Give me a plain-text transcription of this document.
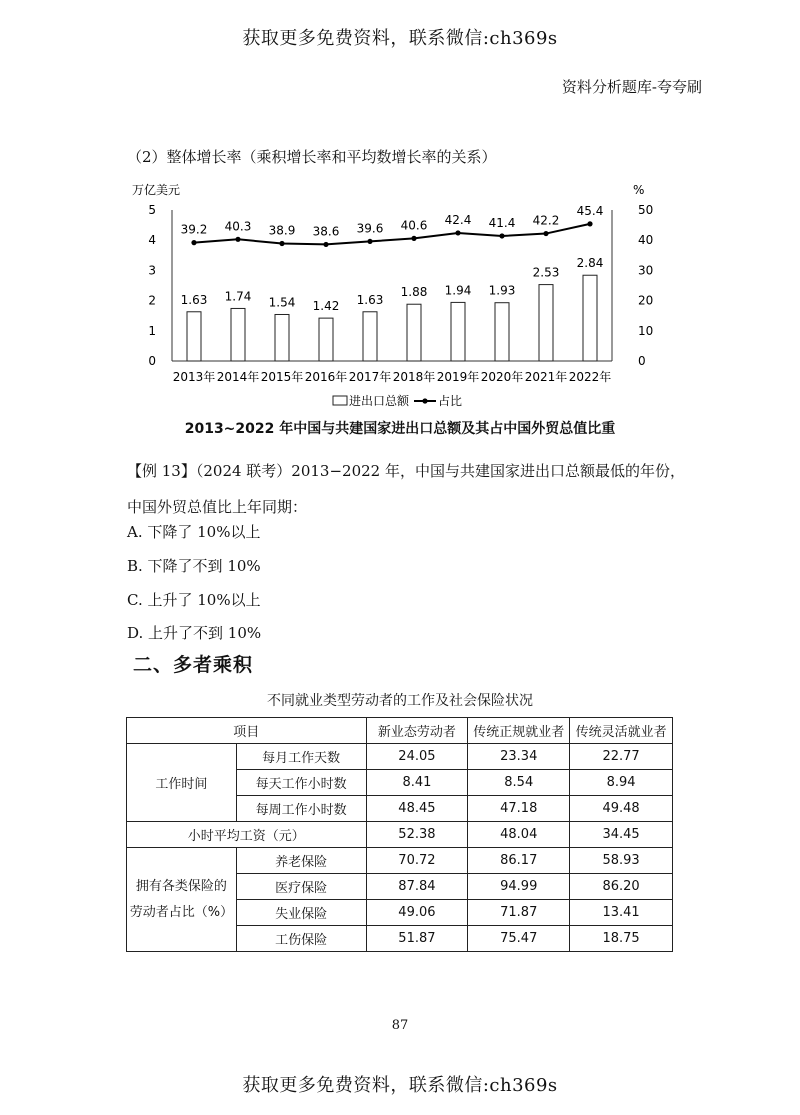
获取更多免费资料，联系微信:ch369s
资料分析题库-夸夸刷
（2）整体增长率（乘积增长率和平均数增长率的关系）
万亿美元	%
0
1
2
3
4
5
0
10
20
30
40
50
1.63
2013年
1.74
2014年
1.54
2015年
1.42
2016年
1.63
2017年
1.88
2018年
1.94
2019年
1.93
2020年
2.53
2021年
2.84
2022年
39.2 40.3 38.9 38.6 39.6 40.6 42.4 41.4 42.2
45.4
进出口总额 占比
2013~2022 年中国与共建国家进出口总额及其占中国外贸总值比重
【例 13】（2024 联考）2013−2022 年，中国与共建国家进出口总额最低的年份，中国外贸总值比上年同期：
A. 下降了 10%以上
B. 下降了不到 10%
C. 上升了 10%以上
D. 上升了不到 10%
二、多者乘积
不同就业类型劳动者的工作及社会保险状况
项目		新业态劳动者	传统正规就业者	传统灵活就业者
工作时间	每月工作天数	24.05	23.34	22.77
	每天工作小时数	8.41	8.54	8.94
	每周工作小时数	48.45	47.18	49.48
小时平均工资（元）		52.38	48.04	34.45
拥有各类保险的
劳动者占比（%）	养老保险	70.72	86.17	58.93
	医疗保险	87.84	94.99	86.20
	失业保险	49.06	71.87	13.41
	工伤保险	51.87	75.47	18.75
87
获取更多免费资料，联系微信:ch369s
